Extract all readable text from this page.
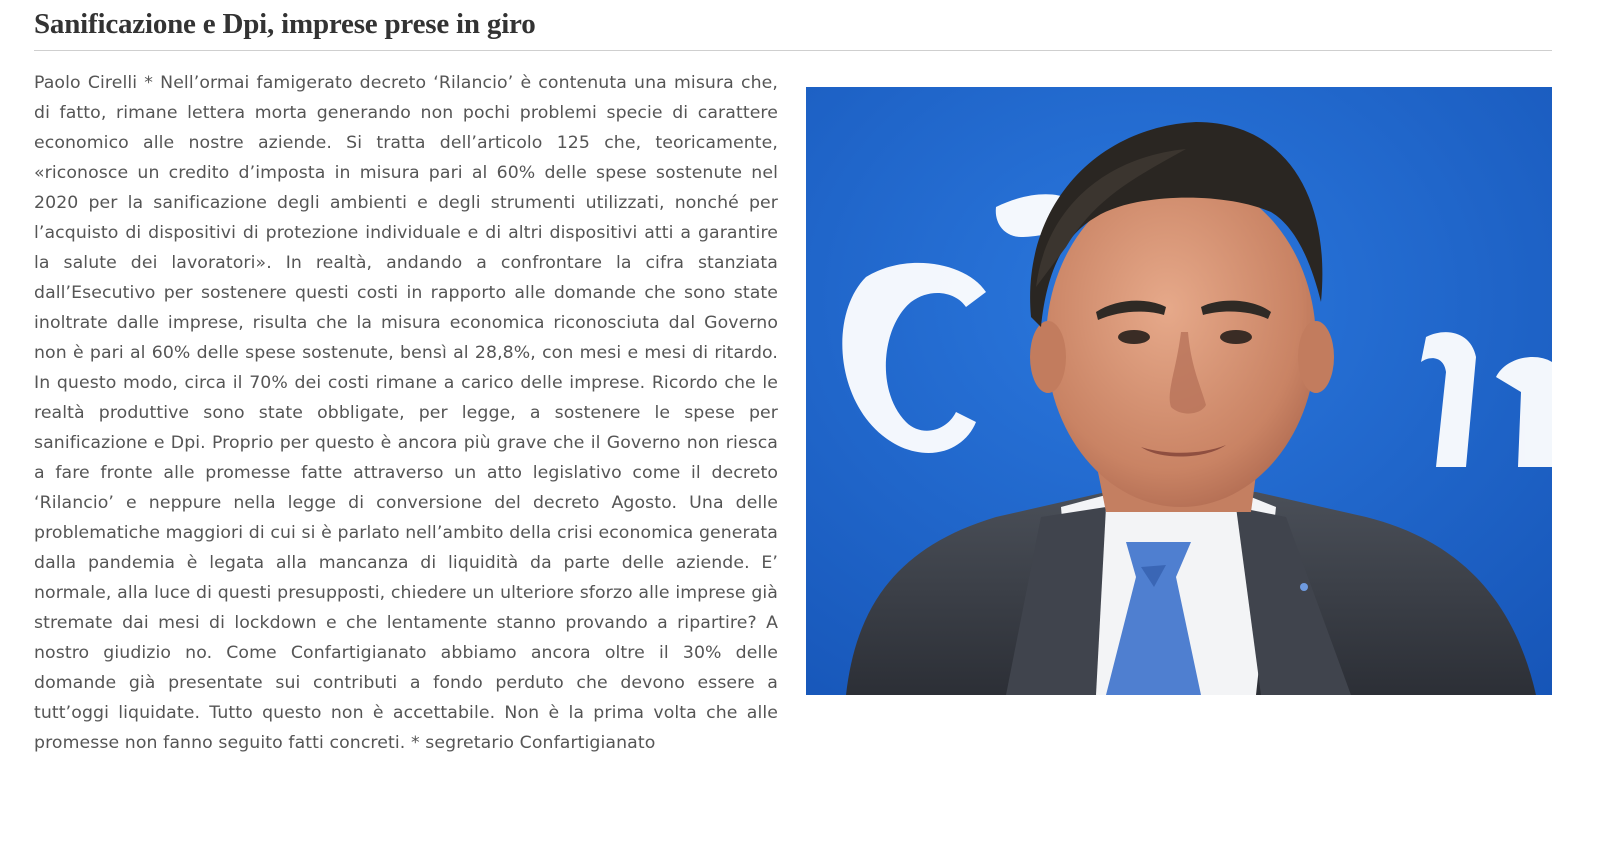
Sanificazione e Dpi, imprese prese in giro

Paolo Cirelli * Nell’ormai famigerato decreto ‘Rilancio’ è contenuta una misura che, di fatto, rimane lettera morta generando non pochi problemi specie di carattere economico alle nostre aziende. Si tratta dell’articolo 125 che, teoricamente, «riconosce un credito d’imposta in misura pari al 60% delle spese sostenute nel 2020 per la sanificazione degli ambienti e degli strumenti utilizzati, nonché per l’acquisto di dispositivi di protezione individuale e di altri dispositivi atti a garantire la salute dei lavoratori». In realtà, andando a confrontare la cifra stanziata dall’Esecutivo per sostenere questi costi in rapporto alle domande che sono state inoltrate dalle imprese, risulta che la misura economica riconosciuta dal Governo non è pari al 60% delle spese sostenute, bensì al 28,8%, con mesi e mesi di ritardo. In questo modo, circa il 70% dei costi rimane a carico delle imprese. Ricordo che le realtà produttive sono state obbligate, per legge, a sostenere le spese per sanificazione e Dpi. Proprio per questo è ancora più grave che il Governo non riesca a fare fronte alle promesse fatte attraverso un atto legislativo come il decreto ‘Rilancio’ e neppure nella legge di conversione del decreto Agosto. Una delle problematiche maggiori di cui si è parlato nell’ambito della crisi economica generata dalla pandemia è legata alla mancanza di liquidità da parte delle aziende. E’ normale, alla luce di questi presupposti, chiedere un ulteriore sforzo alle imprese già stremate dai mesi di lockdown e che lentamente stanno provando a ripartire? A nostro giudizio no. Come Confartigianato abbiamo ancora oltre il 30% delle domande già presentate sui contributi a fondo perduto che devono essere a tutt’oggi liquidate. Tutto questo non è accettabile. Non è la prima volta che alle promesse non fanno seguito fatti concreti. * segretario Confartigianato
